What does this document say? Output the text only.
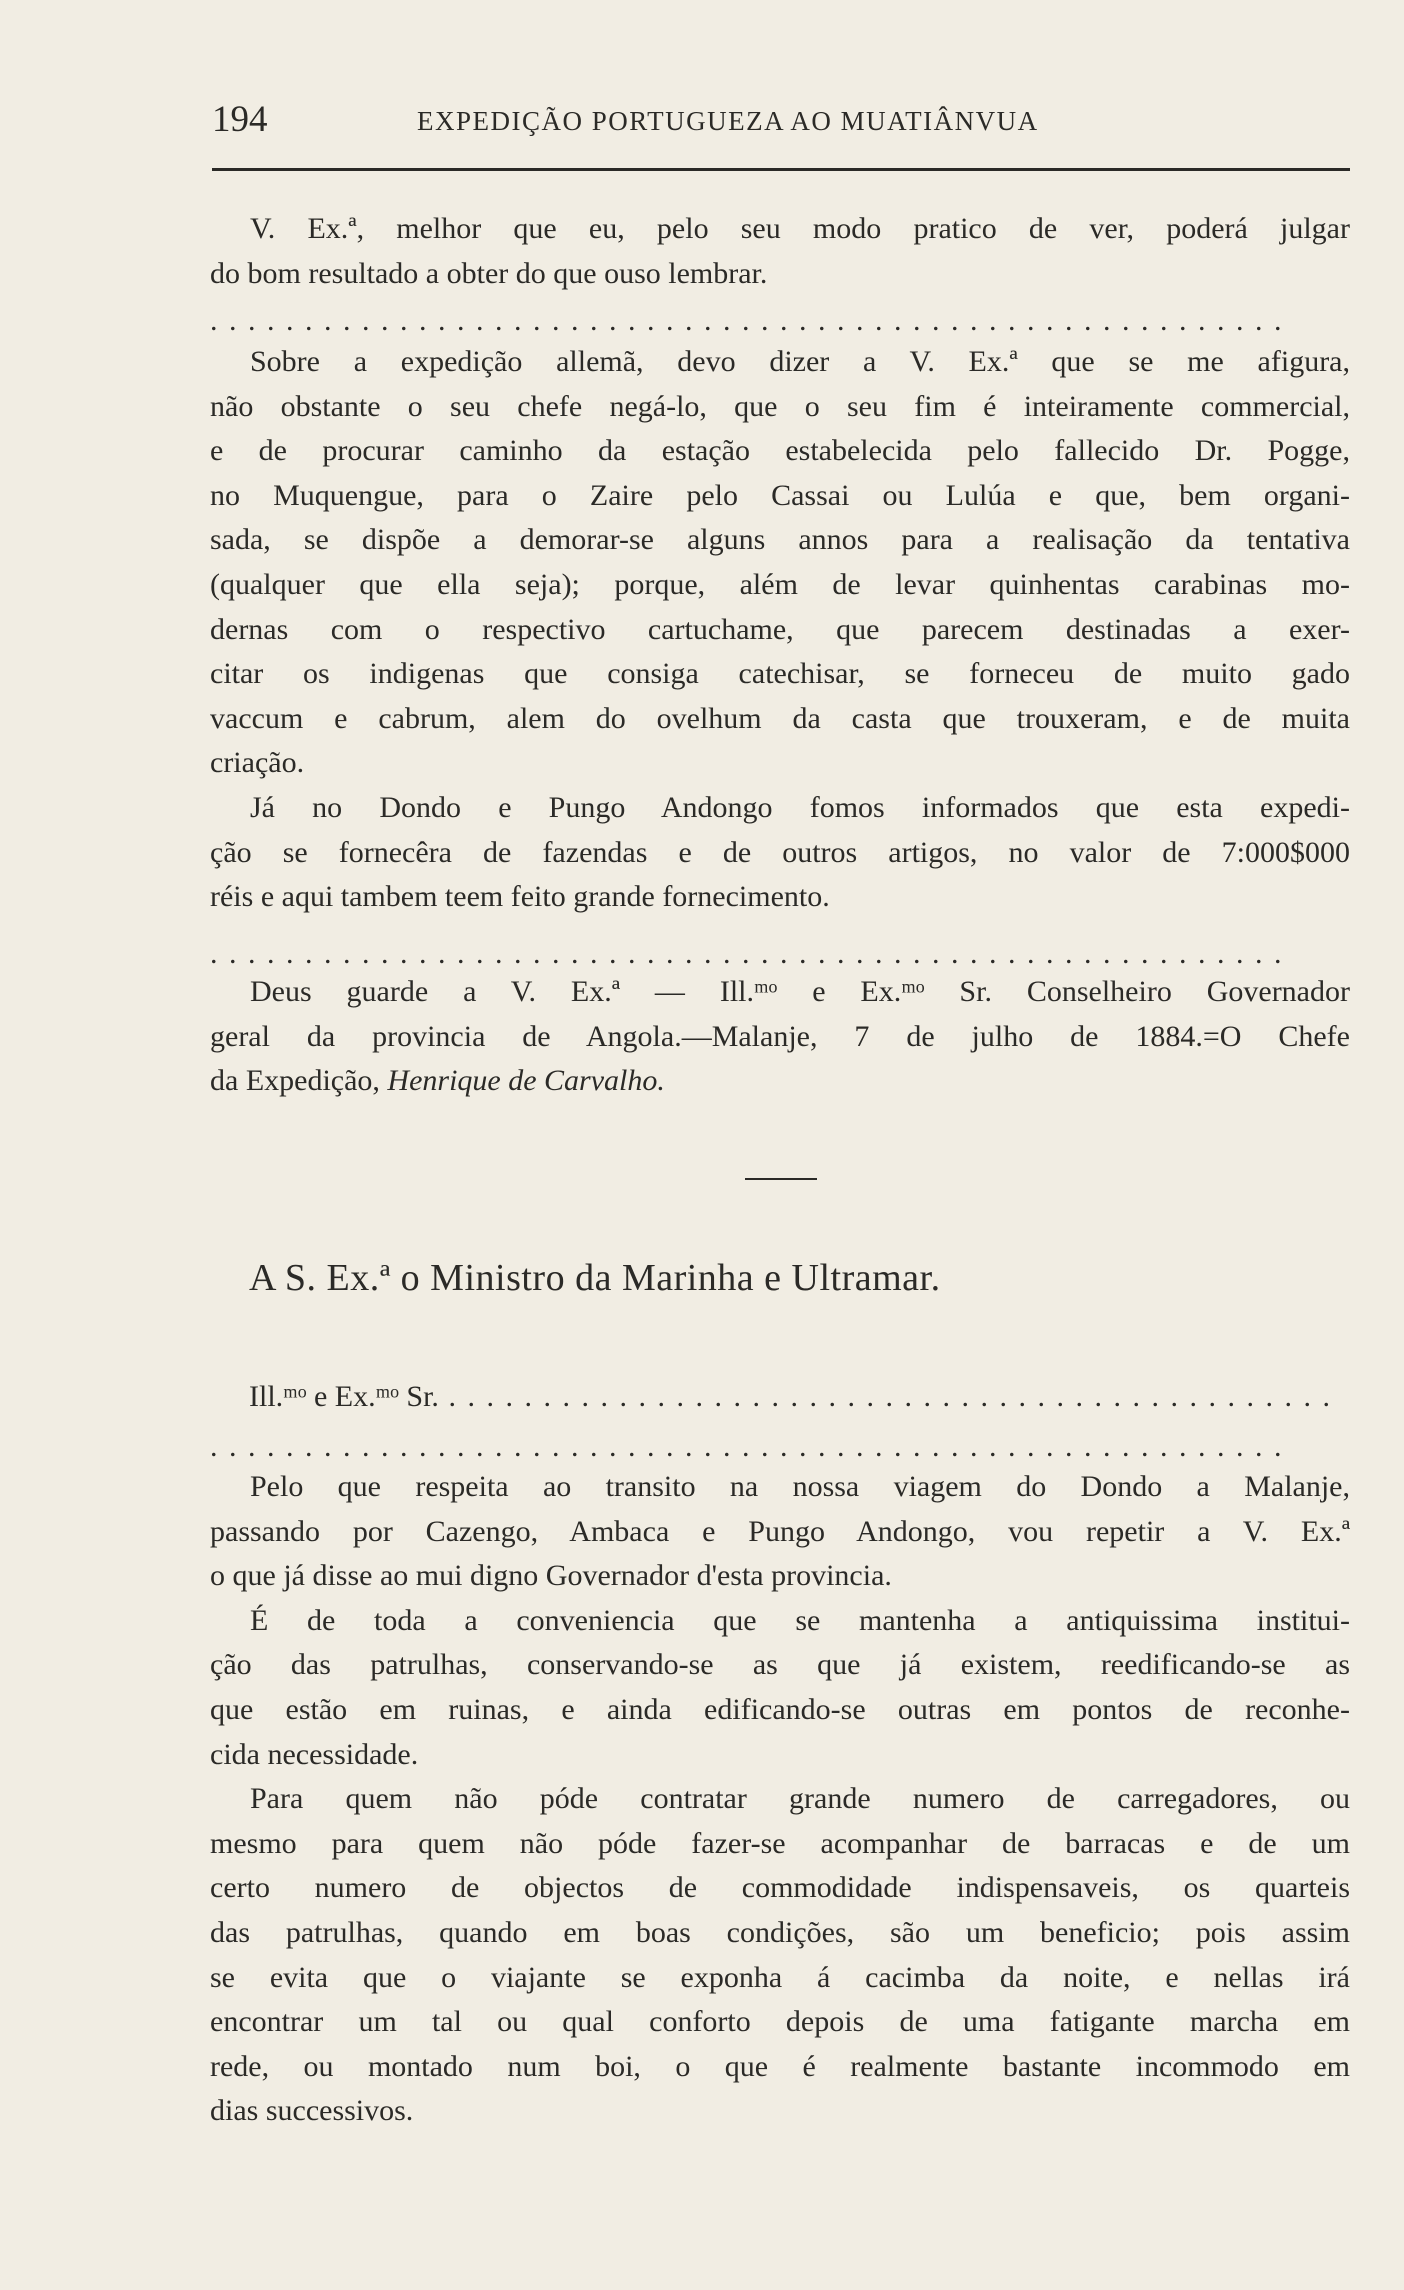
194	EXPEDIÇÃO PORTUGUEZA AO MUATIÂNVUA
V. Ex.ª, melhor que eu, pelo seu modo pratico de ver, poderá julgar
do bom resultado a obter do que ouso lembrar.
. . . . . . . . . . . . . . . . . . . . . . . . . . . . . . . . . . . . . . . . . . . . . . . . . . . . . . . . .
Sobre a expedição allemã, devo dizer a V. Ex.ª que se me afigura,
não obstante o seu chefe negá-lo, que o seu fim é inteiramente commercial,
e de procurar caminho da estação estabelecida pelo fallecido Dr. Pogge,
no Muquengue, para o Zaire pelo Cassai ou Lulúa e que, bem organi-
sada, se dispõe a demorar-se alguns annos para a realisação da tentativa
(qualquer que ella seja); porque, além de levar quinhentas carabinas mo-
dernas com o respectivo cartuchame, que parecem destinadas a exer-
citar os indigenas que consiga catechisar, se forneceu de muito gado
vaccum e cabrum, alem do ovelhum da casta que trouxeram, e de muita
criação.
Já no Dondo e Pungo Andongo fomos informados que esta expedi-
ção se fornecêra de fazendas e de outros artigos, no valor de 7:000$000
réis e aqui tambem teem feito grande fornecimento.
. . . . . . . . . . . . . . . . . . . . . . . . . . . . . . . . . . . . . . . . . . . . . . . . . . . . . . . . .
Deus guarde a V. Ex.ª — Ill.ᵐᵒ e Ex.ᵐᵒ Sr. Conselheiro Governador
geral da provincia de Angola.—Malanje, 7 de julho de 1884.=O Chefe
da Expedição, Henrique de Carvalho.
A S. Ex.ª o Ministro da Marinha e Ultramar.
Ill.ᵐᵒ e Ex.ᵐᵒ Sr. . . . . . . . . . . . . . . . . . . . . . . . . . . . . . . . . . . . . . . . . . . . . . . .
. . . . . . . . . . . . . . . . . . . . . . . . . . . . . . . . . . . . . . . . . . . . . . . . . . . . . . . . .
Pelo que respeita ao transito na nossa viagem do Dondo a Malanje,
passando por Cazengo, Ambaca e Pungo Andongo, vou repetir a V. Ex.ª
o que já disse ao mui digno Governador d'esta provincia.
É de toda a conveniencia que se mantenha a antiquissima institui-
ção das patrulhas, conservando-se as que já existem, reedificando-se as
que estão em ruinas, e ainda edificando-se outras em pontos de reconhe-
cida necessidade.
Para quem não póde contratar grande numero de carregadores, ou
mesmo para quem não póde fazer-se acompanhar de barracas e de um
certo numero de objectos de commodidade indispensaveis, os quarteis
das patrulhas, quando em boas condições, são um beneficio; pois assim
se evita que o viajante se exponha á cacimba da noite, e nellas irá
encontrar um tal ou qual conforto depois de uma fatigante marcha em
rede, ou montado num boi, o que é realmente bastante incommodo em
dias successivos.
